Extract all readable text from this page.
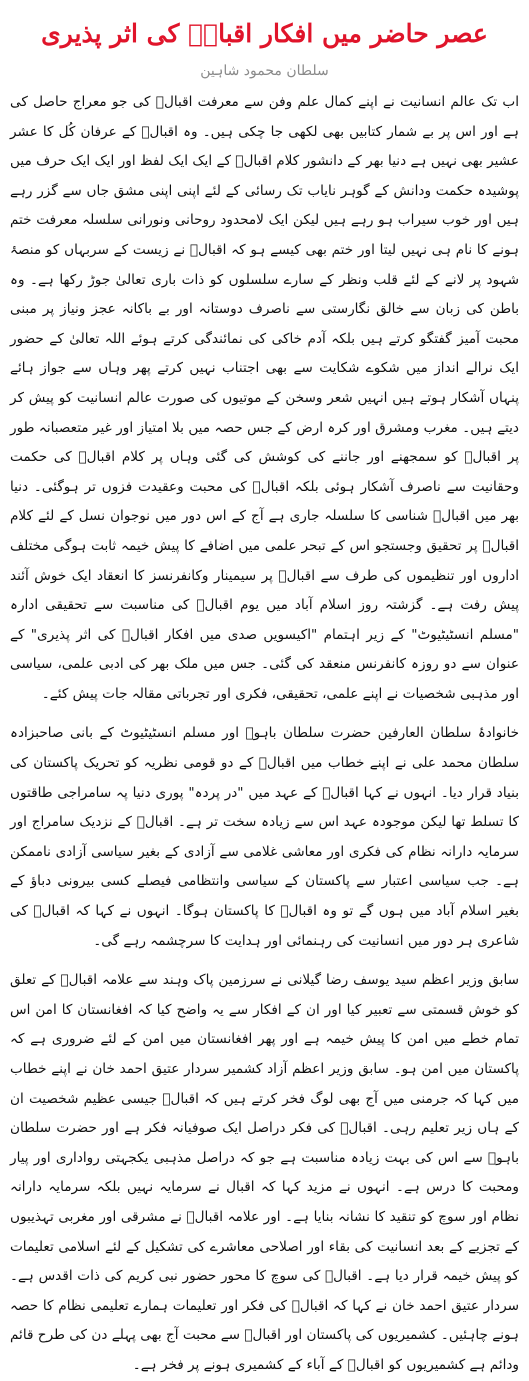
عصر حاضر میں افکار اقبالؒ کی اثر پذیری
سلطان محمود شاہین

اب تک عالم انسانیت نے اپنے کمال علم وفن سے معرفت اقبالؒ کی جو معراج حاصل کی ہے اور اس پر بے شمار کتابیں بھی لکھی جا چکی ہیں۔ وہ اقبالؒ کے عرفان کُل کا عشر عشیر بھی نہیں ہے دنیا بھر کے دانشور کلام اقبالؒ کے ایک ایک لفظ اور ایک ایک حرف میں پوشیدہ حکمت ودانش کے گوہر نایاب تک رسائی کے لئے اپنی اپنی مشق جاں سے گزر رہے ہیں اور خوب سیراب ہو رہے ہیں لیکن ایک لامحدود روحانی ونورانی سلسلہ معرفت ختم ہونے کا نام ہی نہیں لیتا اور ختم بھی کیسے ہو کہ اقبالؒ نے زیست کے سربہاں کو منصۂ شہود پر لانے کے لئے قلب ونظر کے سارے سلسلوں کو ذات باری تعالیٰ جوڑ رکھا ہے۔ وہ باطن کی زبان سے خالق نگارستی سے ناصرف دوستانہ اور بے باکانہ عجز ونیاز پر مبنی محبت آمیز گفتگو کرتے ہیں بلکہ آدم خاکی کی نمائندگی کرتے ہوئے اللہ تعالیٰ کے حضور ایک نرالے انداز میں شکوے شکایت سے بھی اجتناب نہیں کرتے پھر وہاں سے جواز ہائے پنہاں آشکار ہوتے ہیں انہیں شعر وسخن کے موتیوں کی صورت عالم انسانیت کو پیش کر دیتے ہیں۔ مغرب ومشرق اور کرہ ارض کے جس حصہ میں بلا امتیاز اور غیر متعصبانہ طور پر اقبالؒ کو سمجھنے اور جاننے کی کوشش کی گئی وہاں پر کلام اقبالؒ کی حکمت وحقانیت سے ناصرف آشکار ہوئی بلکہ اقبالؒ کی محبت وعقیدت فزوں تر ہوگئی۔ دنیا بھر میں اقبالؒ شناسی کا سلسلہ جاری ہے آج کے اس دور میں نوجوان نسل کے لئے کلام اقبالؒ پر تحقیق وجستجو اس کے تبحر علمی میں اضافے کا پیش خیمہ ثابت ہوگی مختلف اداروں اور تنظیموں کی طرف سے اقبالؒ پر سیمینار وکانفرنسز کا انعقاد ایک خوش آئند پیش رفت ہے۔ گزشتہ روز اسلام آباد میں یوم اقبالؒ کی مناسبت سے تحقیقی ادارہ "مسلم انسٹیٹیوٹ" کے زیر اہتمام "اکیسویں صدی میں افکار اقبالؒ کی اثر پذیری" کے عنوان سے دو روزہ کانفرنس منعقد کی گئی۔ جس میں ملک بھر کی ادبی علمی، سیاسی اور مذہبی شخصیات نے اپنے علمی، تحقیقی، فکری اور تجرباتی مقالہ جات پیش کئے۔

خانوادۂ سلطان العارفین حضرت سلطان باہوؒ اور مسلم انسٹیٹیوٹ کے بانی صاحبزادہ سلطان محمد علی نے اپنے خطاب میں اقبالؒ کے دو قومی نظریہ کو تحریک پاکستان کی بنیاد قرار دیا۔ انہوں نے کہا اقبالؒ کے عہد میں "در پردہ" پوری دنیا پہ سامراجی طاقتوں کا تسلط تھا لیکن موجودہ عہد اس سے زیادہ سخت تر ہے۔ اقبالؒ کے نزدیک سامراج اور سرمایہ دارانہ نظام کی فکری اور معاشی غلامی سے آزادی کے بغیر سیاسی آزادی ناممکن ہے۔ جب سیاسی اعتبار سے پاکستان کے سیاسی وانتظامی فیصلے کسی بیرونی دباؤ کے بغیر اسلام آباد میں ہوں گے تو وہ اقبالؒ کا پاکستان ہوگا۔ انہوں نے کہا کہ اقبالؒ کی شاعری ہر دور میں انسانیت کی رہنمائی اور ہدایت کا سرچشمہ رہے گی۔

سابق وزیر اعظم سید یوسف رضا گیلانی نے سرزمین پاک وہند سے علامہ اقبالؒ کے تعلق کو خوش قسمتی سے تعبیر کیا اور ان کے افکار سے یہ واضح کیا کہ افغانستان کا امن اس تمام خطے میں امن کا پیش خیمہ ہے اور پھر افغانستان میں امن کے لئے ضروری ہے کہ پاکستان میں امن ہو۔ سابق وزیر اعظم آزاد کشمیر سردار عتیق احمد خان نے اپنے خطاب میں کہا کہ جرمنی میں آج بھی لوگ فخر کرتے ہیں کہ اقبالؒ جیسی عظیم شخصیت ان کے ہاں زیر تعلیم رہی۔ اقبالؒ کی فکر دراصل ایک صوفیانہ فکر ہے اور حضرت سلطان باہوؒ سے اس کی بہت زیادہ مناسبت ہے جو کہ دراصل مذہبی یکجہتی رواداری اور پیار ومحبت کا درس ہے۔ انہوں نے مزید کہا کہ اقبال نے سرمایہ نہیں بلکہ سرمایہ دارانہ نظام اور سوچ کو تنقید کا نشانہ بنایا ہے۔ اور علامہ اقبالؒ نے مشرقی اور مغربی تہذیبوں کے تجزیے کے بعد انسانیت کی بقاء اور اصلاحی معاشرے کی تشکیل کے لئے اسلامی تعلیمات کو پیش خیمہ قرار دیا ہے۔ اقبالؒ کی سوچ کا محور حضور نبی کریم کی ذات اقدس ہے۔ سردار عتیق احمد خان نے کہا کہ اقبالؒ کی فکر اور تعلیمات ہمارے تعلیمی نظام کا حصہ ہونے چاہئیں۔ کشمیریوں کی پاکستان اور اقبالؒ سے محبت آج بھی پہلے دن کی طرح قائم ودائم ہے کشمیریوں کو اقبالؒ کے آباء کے کشمیری ہونے پر فخر ہے۔
